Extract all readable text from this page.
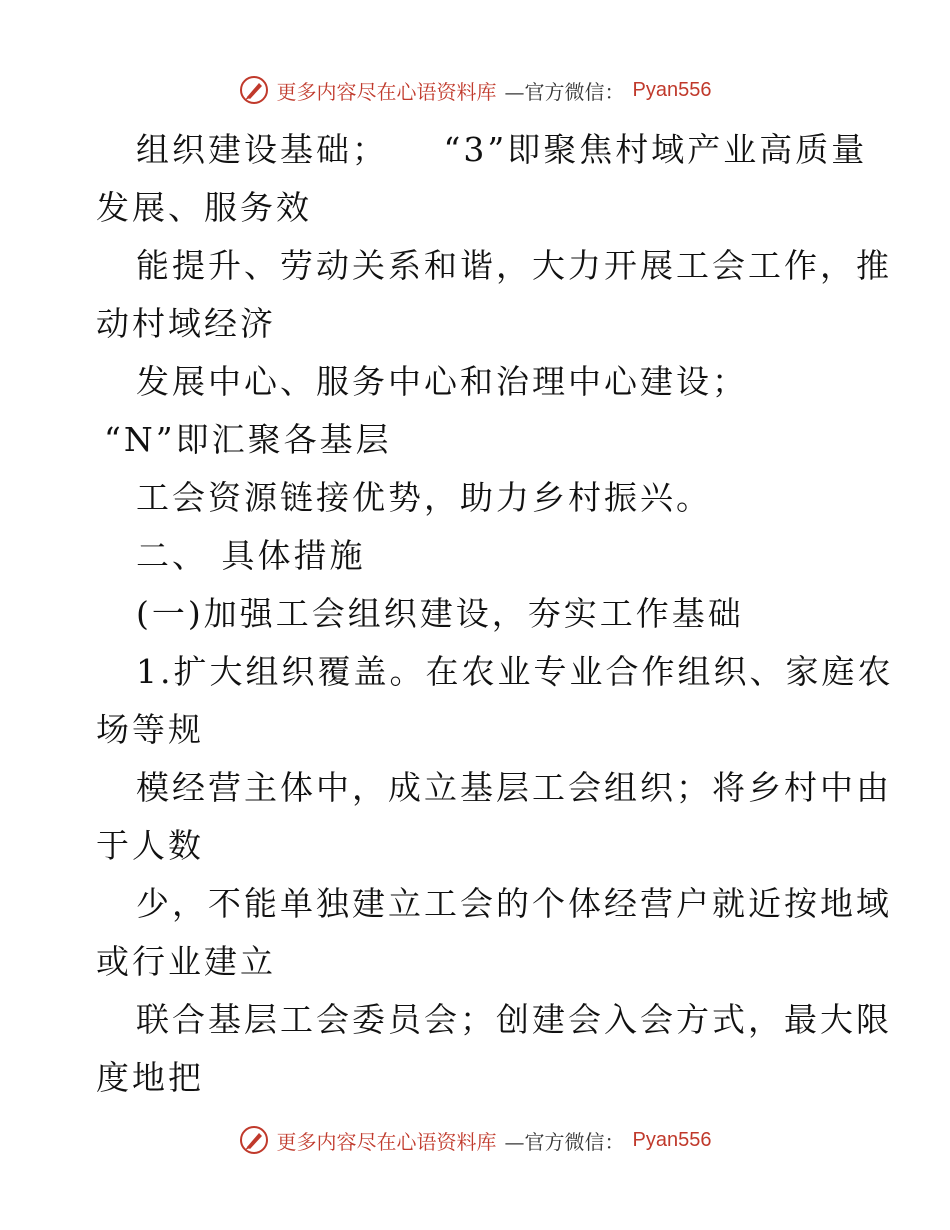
更多内容尽在心语资料库 —官方微信： Pyan556
组织建设基础；　　“3”即聚焦村域产业高质量
发展、服务效
能提升、劳动关系和谐，大力开展工会工作，推
动村域经济
发展中心、服务中心和治理中心建设；
“N”即汇聚各基层
工会资源链接优势，助力乡村振兴。
二、 具体措施
(一)加强工会组织建设，夯实工作基础
1.扩大组织覆盖。在农业专业合作组织、家庭农
场等规
模经营主体中，成立基层工会组织；将乡村中由
于人数
少，不能单独建立工会的个体经营户就近按地域
或行业建立
联合基层工会委员会；创建会入会方式，最大限
度地把
更多内容尽在心语资料库 —官方微信： Pyan556
